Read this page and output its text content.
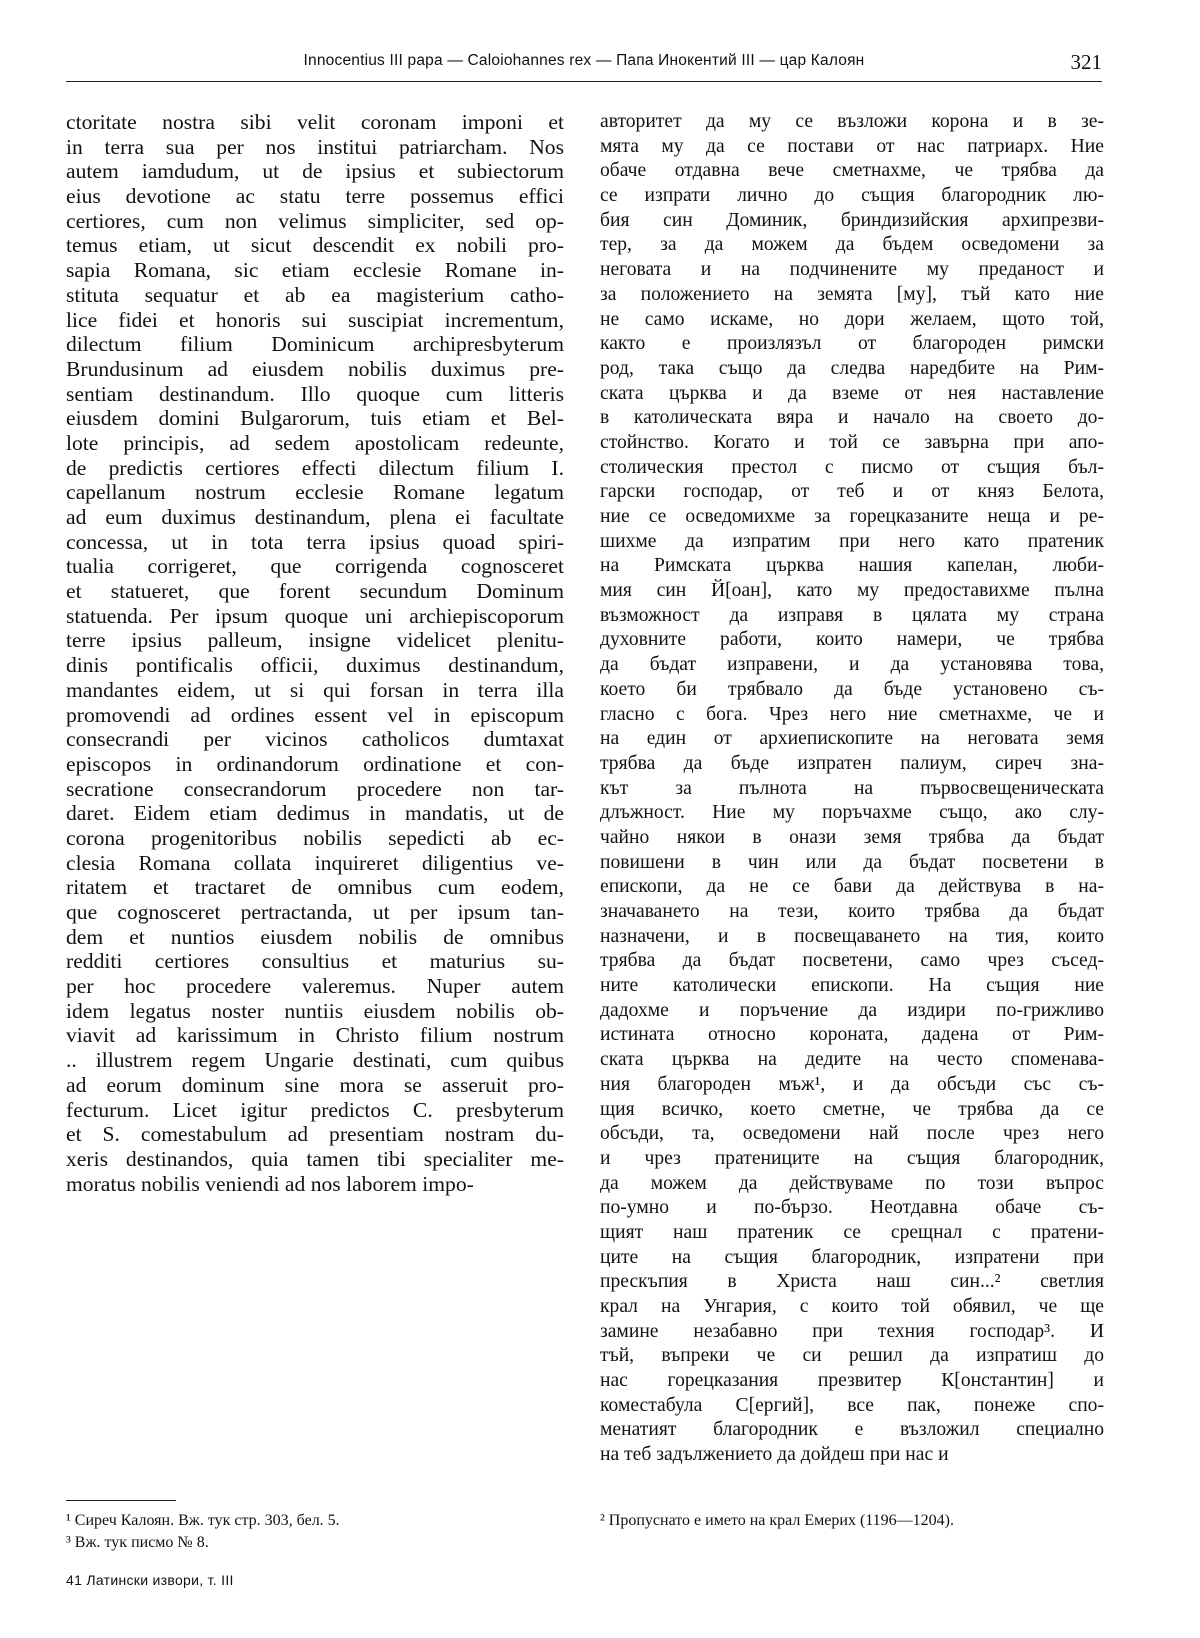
Innocentius III papa — Caloiohannes rex — Папа Инокентий III — цар Калоян	321
ctoritate nostra sibi velit coronam imponi et
in terra sua per nos institui patriarcham. Nos
autem iamdudum, ut de ipsius et subiectorum
eius devotione ac statu terre possemus effici
certiores, cum non velimus simpliciter, sed op-
temus etiam, ut sicut descendit ex nobili pro-
sapia Romana, sic etiam ecclesie Romane in-
stituta sequatur et ab ea magisterium catho-
lice fidei et honoris sui suscipiat incrementum,
dilectum filium Dominicum archipresbyterum
Brundusinum ad eiusdem nobilis duximus pre-
sentiam destinandum. Illo quoque cum litteris
eiusdem domini Bulgarorum, tuis etiam et Bel-
lote principis, ad sedem apostolicam redeunte,
de predictis certiores effecti dilectum filium I.
capellanum nostrum ecclesie Romane legatum
ad eum duximus destinandum, plena ei facultate
concessa, ut in tota terra ipsius quoad spiri-
tualia corrigeret, que corrigenda cognosceret
et statueret, que forent secundum Dominum
statuenda. Per ipsum quoque uni archiepiscoporum
terre ipsius palleum, insigne videlicet plenitu-
dinis pontificalis officii, duximus destinandum,
mandantes eidem, ut si qui forsan in terra illa
promovendi ad ordines essent vel in episcopum
consecrandi per vicinos catholicos dumtaxat
episcopos in ordinandorum ordinatione et con-
secratione consecrandorum procedere non tar-
daret. Eidem etiam dedimus in mandatis, ut de
corona progenitoribus nobilis sepedicti ab ec-
clesia Romana collata inquireret diligentius ve-
ritatem et tractaret de omnibus cum eodem,
que cognosceret pertractanda, ut per ipsum tan-
dem et nuntios eiusdem nobilis de omnibus
redditi certiores consultius et maturius su-
per hoc procedere valeremus. Nuper autem
idem legatus noster nuntiis eiusdem nobilis ob-
viavit ad karissimum in Christo filium nostrum
.. illustrem regem Ungarie destinati, cum quibus
ad eorum dominum sine mora se asseruit pro-
fecturum. Licet igitur predictos C. presbyterum
et S. comestabulum ad presentiam nostram du-
xeris destinandos, quia tamen tibi specialiter me-
moratus nobilis veniendi ad nos laborem impo-
авторитет да му се възложи корона и в зе-
мята му да се постави от нас патриарх. Ние
обаче отдавна вече сметнахме, че трябва да
се изпрати лично до същия благородник лю-
бия син Доминик, бриндизийския архипрезви-
тер, за да можем да бъдем осведомени за
неговата и на подчинените му преданост и
за положението на земята [му], тъй като ние
не само искаме, но дори желаем, щото той,
както е произлязъл от благороден римски
род, така също да следва наредбите на Рим-
ската църква и да вземе от нея наставление
в католическата вяра и начало на своето до-
стойнство. Когато и той се завърна при апо-
столическия престол с писмо от същия бъл-
гарски господар, от теб и от княз Белота,
ние се осведомихме за горецказаните неща и ре-
шихме да изпратим при него като пратеник
на Римската църква нашия капелан, люби-
мия син Й[оан], като му предоставихме пълна
възможност да изправя в цялата му страна
духовните работи, които намери, че трябва
да бъдат изправени, и да установява това,
което би трябвало да бъде установено съ-
гласно с бога. Чрез него ние сметнахме, че и
на един от архиепископите на неговата земя
трябва да бъде изпратен палиум, сиреч зна-
кът за пълнота на първосвещеническата
длъжност. Ние му поръчахме също, ако слу-
чайно някои в онази земя трябва да бъдат
повишени в чин или да бъдат посветени в
епископи, да не се бави да действува в на-
значаването на тези, които трябва да бъдат
назначени, и в посвещаването на тия, които
трябва да бъдат посветени, само чрез съсед-
ните католически епископи. На същия ние
дадохме и поръчение да издири по-грижливо
истината относно короната, дадена от Рим-
ската църква на дедите на често споменава-
ния благороден мъж¹, и да обсъди със съ-
щия всичко, което сметне, че трябва да се
обсъди, та, осведомени най после чрез него
и чрез пратениците на същия благородник,
да можем да действуваме по този въпрос
по-умно и по-бързо. Неотдавна обаче съ-
щият наш пратеник се срещнал с пратени-
ците на същия благородник, изпратени при
прескъпия в Христа наш син...² светлия
крал на Унгария, с които той обявил, че ще
замине незабавно при техния господар³. И
тъй, въпреки че си решил да изпратиш до
нас горецказания презвитер К[онстантин] и
коместабула С[ергий], все пак, понеже спо-
менатият благородник е възложил специално
на теб задължението да дойдеш при нас и
¹ Сиреч Калоян. Вж. тук стр. 303, бел. 5.
³ Вж. тук писмо № 8.
² Пропуснато е името на крал Емерих (1196—1204).
41 Латински извори, т. III
